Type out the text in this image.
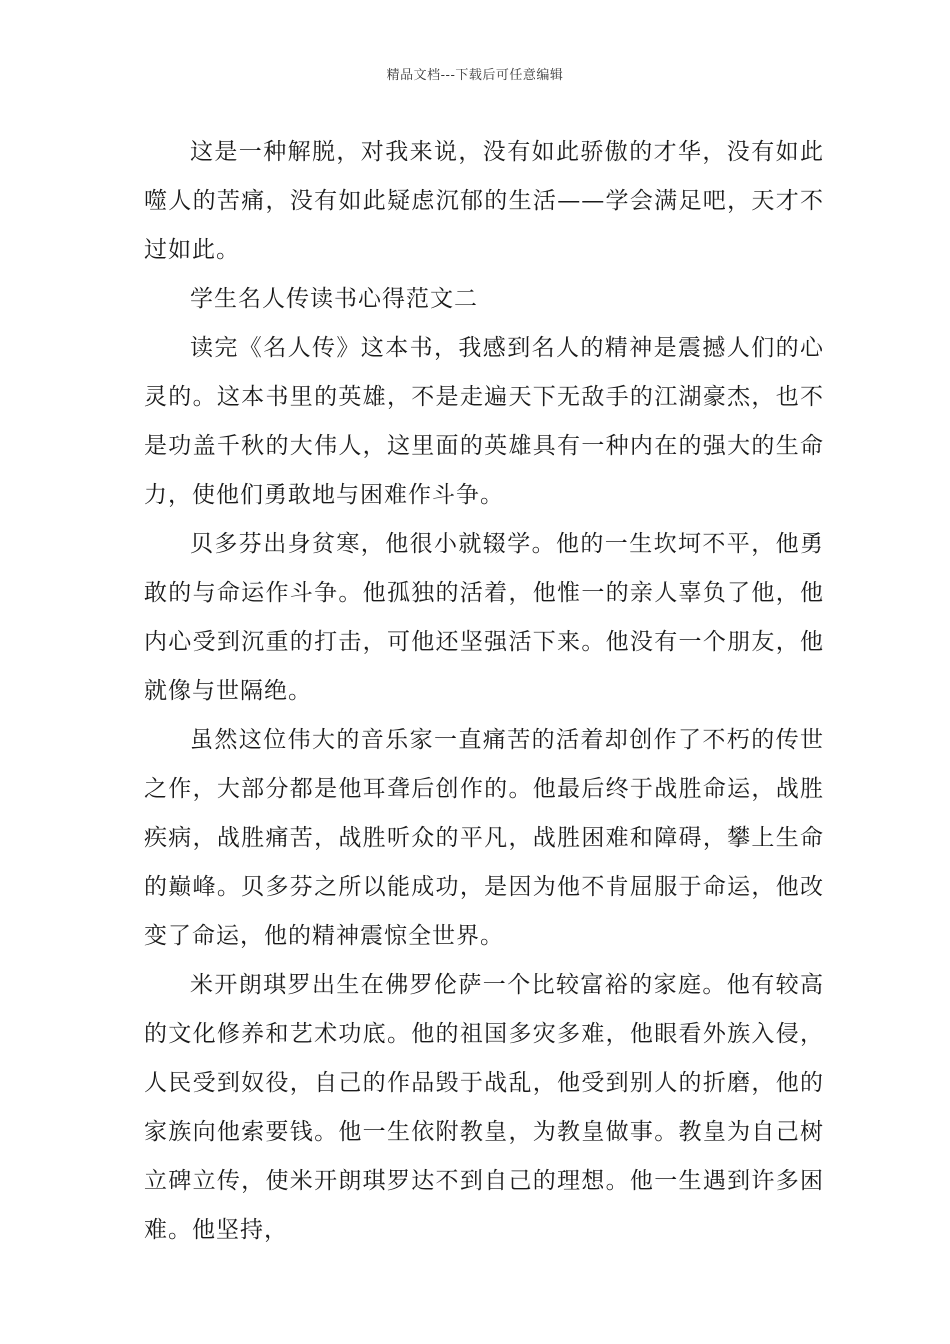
精品文档---下载后可任意编辑

这是一种解脱，对我来说，没有如此骄傲的才华，没有如此噬人的苦痛，没有如此疑虑沉郁的生活——学会满足吧，天才不过如此。

学生名人传读书心得范文二

读完《名人传》这本书，我感到名人的精神是震撼人们的心灵的。这本书里的英雄，不是走遍天下无敌手的江湖豪杰，也不是功盖千秋的大伟人，这里面的英雄具有一种内在的强大的生命力，使他们勇敢地与困难作斗争。

贝多芬出身贫寒，他很小就辍学。他的一生坎坷不平，他勇敢的与命运作斗争。他孤独的活着，他惟一的亲人辜负了他，他内心受到沉重的打击，可他还坚强活下来。他没有一个朋友，他就像与世隔绝。

虽然这位伟大的音乐家一直痛苦的活着却创作了不朽的传世之作，大部分都是他耳聋后创作的。他最后终于战胜命运，战胜疾病，战胜痛苦，战胜听众的平凡，战胜困难和障碍，攀上生命的巅峰。贝多芬之所以能成功，是因为他不肯屈服于命运，他改变了命运，他的精神震惊全世界。

米开朗琪罗出生在佛罗伦萨一个比较富裕的家庭。他有较高的文化修养和艺术功底。他的祖国多灾多难，他眼看外族入侵，人民受到奴役，自己的作品毁于战乱，他受到别人的折磨，他的家族向他索要钱。他一生依附教皇，为教皇做事。教皇为自己树立碑立传，使米开朗琪罗达不到自己的理想。他一生遇到许多困难。他坚持，
